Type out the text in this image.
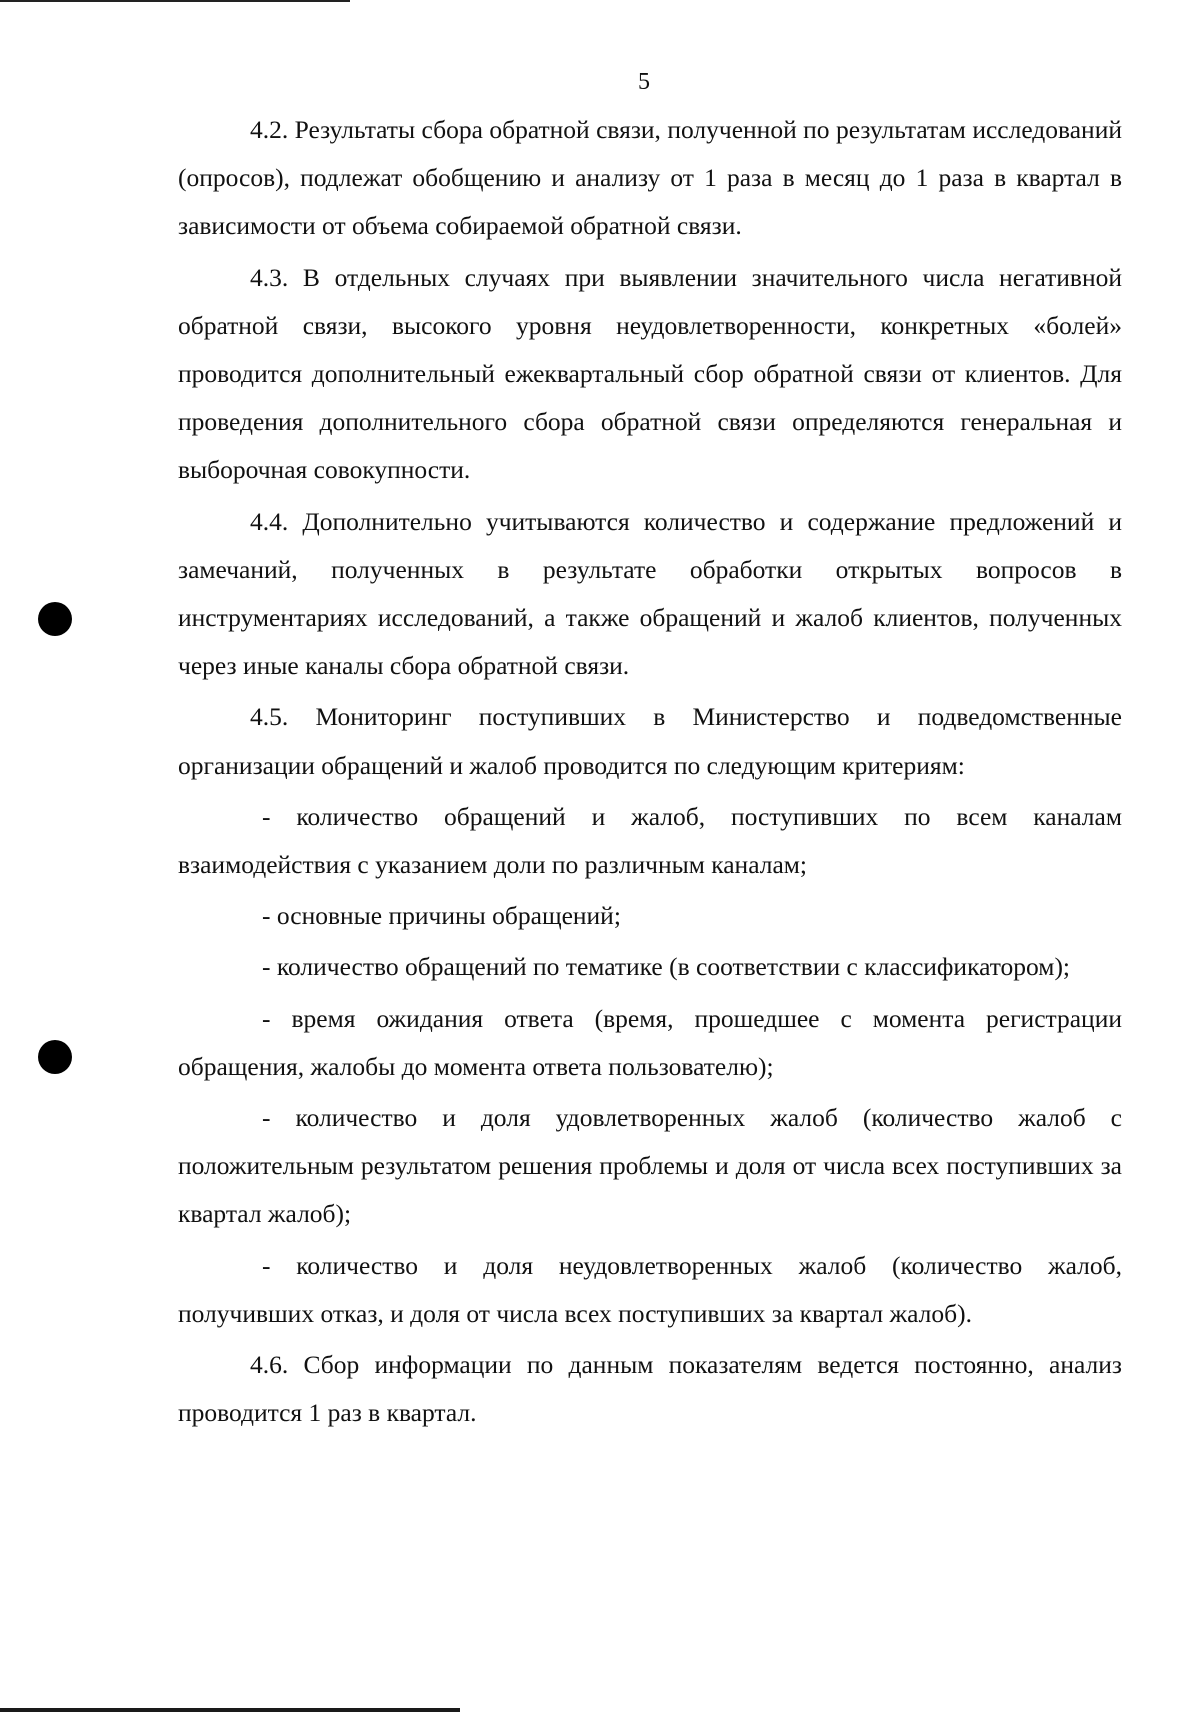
5

4.2. Результаты сбора обратной связи, полученной по результатам исследований (опросов), подлежат обобщению и анализу от 1 раза в месяц до 1 раза в квартал в зависимости от объема собираемой обратной связи.

4.3. В отдельных случаях при выявлении значительного числа негативной обратной связи, высокого уровня неудовлетворенности, конкретных «болей» проводится дополнительный ежеквартальный сбор обратной связи от клиентов. Для проведения дополнительного сбора обратной связи определяются генеральная и выборочная совокупности.

4.4. Дополнительно учитываются количество и содержание предложений и замечаний, полученных в результате обработки открытых вопросов в инструментариях исследований, а также обращений и жалоб клиентов, полученных через иные каналы сбора обратной связи.

4.5. Мониторинг поступивших в Министерство и подведомственные организации обращений и жалоб проводится по следующим критериям:

- количество обращений и жалоб, поступивших по всем каналам взаимодействия с указанием доли по различным каналам;

- основные причины обращений;

- количество обращений по тематике (в соответствии с классификатором);

- время ожидания ответа (время, прошедшее с момента регистрации обращения, жалобы до момента ответа пользователю);

- количество и доля удовлетворенных жалоб (количество жалоб с положительным результатом решения проблемы и доля от числа всех поступивших за квартал жалоб);

- количество и доля неудовлетворенных жалоб (количество жалоб, получивших отказ, и доля от числа всех поступивших за квартал жалоб).

4.6. Сбор информации по данным показателям ведется постоянно, анализ проводится 1 раз в квартал.
